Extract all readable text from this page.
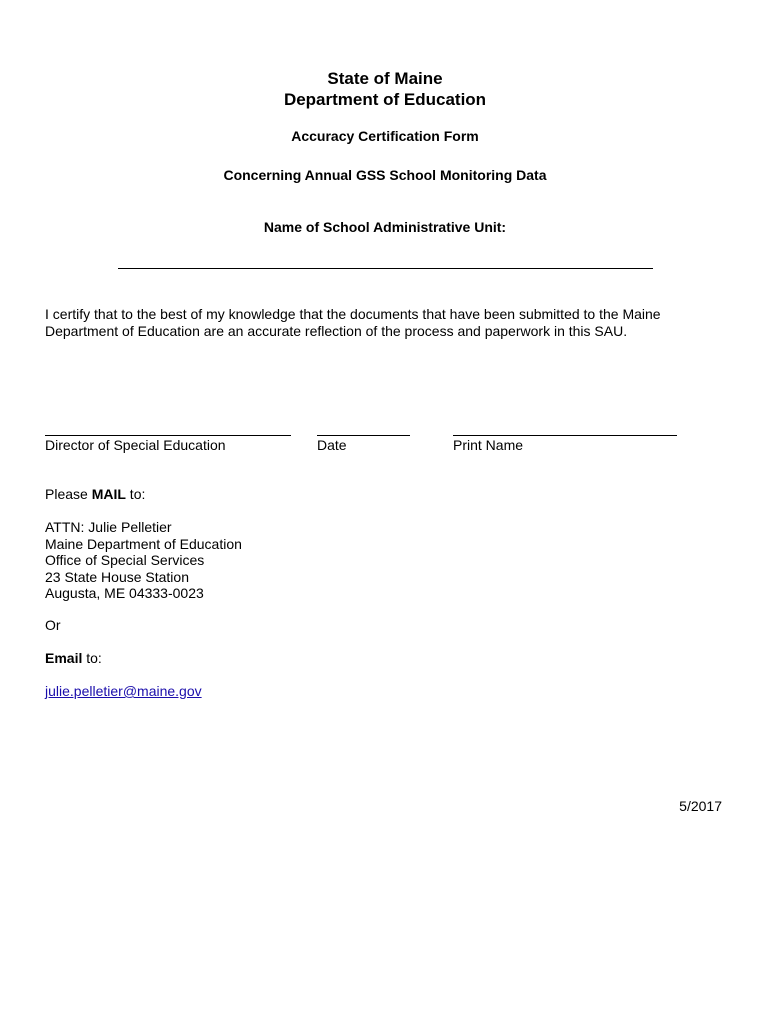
State of Maine
Department of Education
Accuracy Certification Form
Concerning Annual GSS School Monitoring Data
Name of School Administrative Unit:
I certify that to the best of my knowledge that the documents that have been submitted to the Maine
Department of Education are an accurate reflection of the process and paperwork in this SAU.
Director of Special Education	Date	Print Name
Please MAIL to:
ATTN: Julie Pelletier
Maine Department of Education
Office of Special Services
23 State House Station
Augusta, ME 04333-0023
Or
Email to:
julie.pelletier@maine.gov
5/2017
